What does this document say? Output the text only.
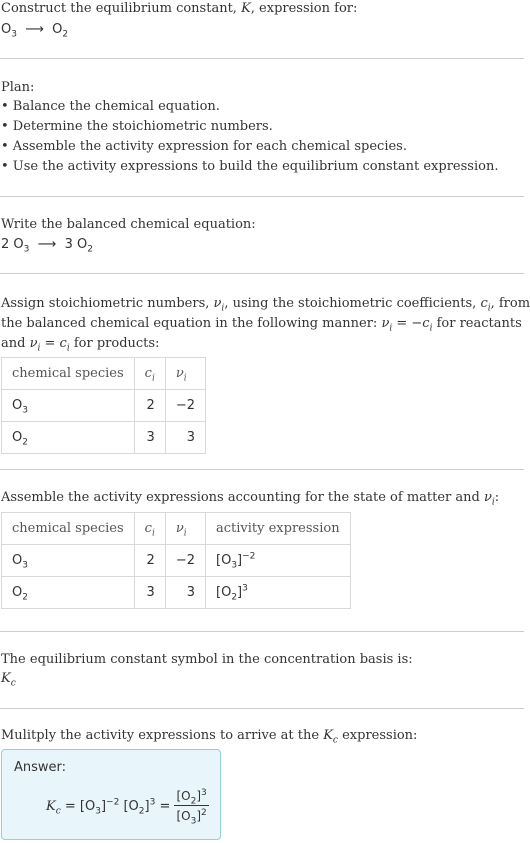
Construct the equilibrium constant, K, expression for:
$O_3$ ⟶ $O_2$
Plan:
• Balance the chemical equation.
• Determine the stoichiometric numbers.
• Assemble the activity expression for each chemical species.
• Use the activity expressions to build the equilibrium constant expression.
Write the balanced chemical equation:
2 $O_3$ ⟶ 3 $O_2$
Assign stoichiometric numbers, $\nu_i$, using the stoichiometric coefficients, $c_i$, from
the balanced chemical equation in the following manner: $\nu_i = -c_i$ for reactants
and $\nu_i = c_i$ for products:
chemical species	$c_i$	$\nu_i$
$O_3$	2	−2
$O_2$	3	3
Assemble the activity expressions accounting for the state of matter and $\nu_i$:
chemical species	$c_i$	$\nu_i$	activity expression
$O_3$	2	−2	$[O_3]^{-2}$
$O_2$	3	3	$[O_2]^3$
The equilibrium constant symbol in the concentration basis is:
$K_c$
Mulitply the activity expressions to arrive at the $K_c$ expression:
Answer:
$K_c = [O_3]^{-2}$ $[O_2]^3 = \frac{[O_2]^3}{[O_3]^2}$
